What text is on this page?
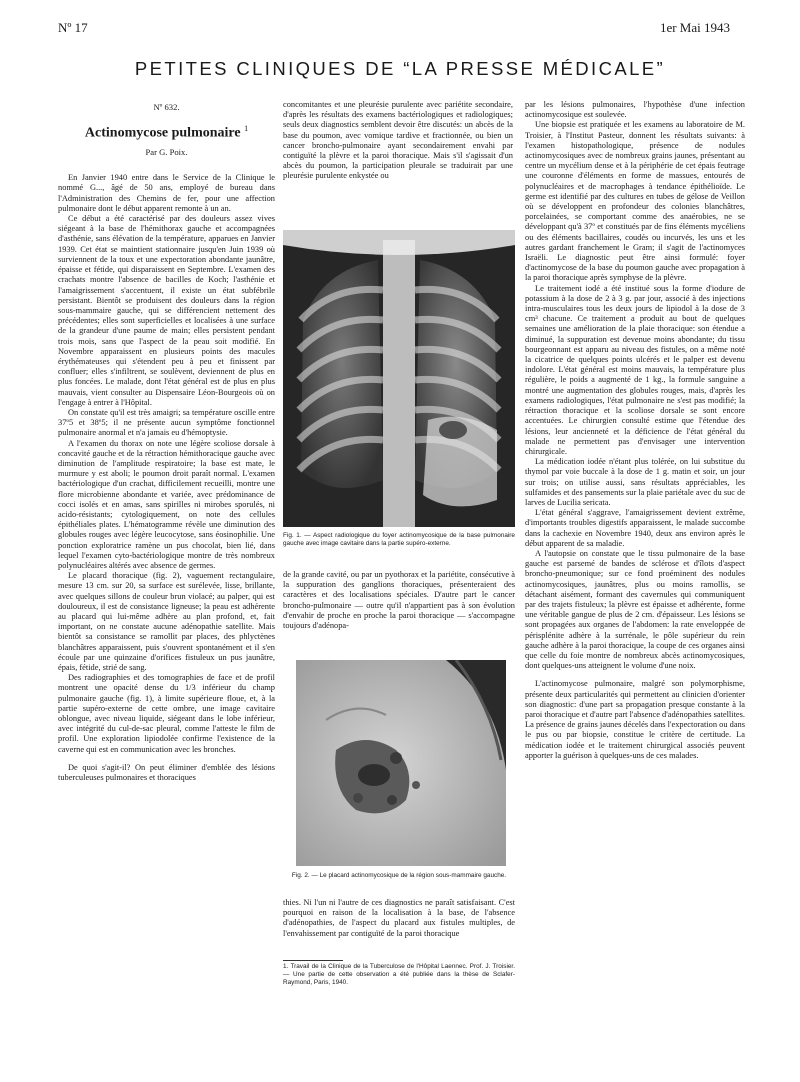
Nº 17	1er Mai 1943
PETITES CLINIQUES DE “LA PRESSE MÉDICALE”
Nº 632.
Actinomycose pulmonaire $^1$
Par G. Poix.

En Janvier 1940 entre dans le Service de la Clinique le nommé G..., âgé de 50 ans, employé de bureau dans l'Administration des Chemins de fer, pour une affection pulmonaire dont le début apparent remonte à un an.

Ce début a été caractérisé par des douleurs assez vives siégeant à la base de l'hémithorax gauche et accompagnées d'asthénie, sans élévation de la température, apparues en Janvier 1939. Cet état se maintient stationnaire jusqu'en Juin 1939 où surviennent de la toux et une expectoration abondante jaunâtre, épaisse et fétide, qui disparaissent en Septembre. L'examen des crachats montre l'absence de bacilles de Koch; l'asthénie et l'amaigrissement s'accentuent, il existe un état subfébrile persistant. Bientôt se produisent des douleurs dans la région sous-mammaire gauche, qui se différencient nettement des précédentes; elles sont superficielles et localisées à une surface de la grandeur d'une paume de main; elles persistent pendant trois mois, sans que l'aspect de la peau soit modifié. En Novembre apparaissent en plusieurs points des macules érythémateuses qui s'étendent peu à peu et finissent par confluer; elles s'infiltrent, se soulèvent, deviennent de plus en plus foncées. Le malade, dont l'état général est de plus en plus mauvais, vient consulter au Dispensaire Léon-Bourgeois où on l'engage à entrer à l'Hôpital.

On constate qu'il est très amaigri; sa température oscille entre 37º5 et 38º5; il ne présente aucun symptôme fonctionnel pulmonaire anormal et n'a jamais eu d'hémoptysie.

A l'examen du thorax on note une légère scoliose dorsale à concavité gauche et de la rétraction hémithoracique gauche avec diminution de l'amplitude respiratoire; la base est mate, le murmure y est aboli; le poumon droit paraît normal. L'examen bactériologique d'un crachat, difficilement recueilli, montre une flore microbienne abondante et variée, avec prédominance de cocci isolés et en amas, sans spirilles ni mirobes sporulés, ni acido-résistants; cytologiquement, on note des cellules épithéliales plates. L'hématogramme révèle une diminution des globules rouges avec légère leucocytose, sans éosinophilie. Une ponction exploratrice ramène un pus chocolat, bien lié, dans lequel l'examen cyto-bactériologique montre de très nombreux polynucléaires altérés avec absence de germes.

Le placard thoracique (fig. 2), vaguement rectangulaire, mesure 13 cm. sur 20, sa surface est surélevée, lisse, brillante, avec quelques sillons de couleur brun violacé; au palper, qui est douloureux, il est de consistance ligneuse; la peau est adhérente au placard qui lui-même adhère au plan profond, et, fait important, on ne constate aucune adénopathie satellite. Mais bientôt sa consistance se ramollit par places, des phlyctènes blanchâtres apparaissent, puis s'ouvrent spontanément et il s'en écoule par une quinzaine d'orifices fistuleux un pus jaunâtre, épais, fétide, strié de sang.

Des radiographies et des tomographies de face et de profil montrent une opacité dense du 1/3 inférieur du champ pulmonaire gauche (fig. 1), à limite supérieure floue, et, à la partie supéro-externe de cette ombre, une image cavitaire oblongue, avec niveau liquide, siégeant dans le lobe inférieur, avec intégrité du cul-de-sac pleural, comme l'atteste le film de profil. Une exploration lipiodolée confirme l'existence de la caverne qui est en communication avec les bronches.

De quoi s'agit-il? On peut éliminer d'emblée des lésions tuberculeuses pulmonaires et thoraciques

concomitantes et une pleurésie purulente avec pariétite secondaire, d'après les résultats des examens bactériologiques et radiologiques; seuls deux diagnostics semblent devoir être discutés: un abcès de la base du poumon, avec vomique tardive et fractionnée, ou bien un cancer broncho-pulmonaire ayant secondairement envahi par contiguïté la plèvre et la paroi thoracique. Mais s'il s'agissait d'un abcès du poumon, la participation pleurale se traduirait par une pleurésie purulente enkystée ou

Fig. 1. — Aspect radiologique du foyer actinomycosique de la base pulmonaire gauche avec image cavitaire dans la partie supéro-externe.

de la grande cavité, ou par un pyothorax et la pariétite, consécutive à la suppuration des ganglions thoraciques, présenteraient des caractères et des localisations spéciales. D'autre part le cancer broncho-pulmonaire — outre qu'il n'appartient pas à son évolution d'envahir de proche en proche la paroi thoracique — s'accompagne toujours d'adénopa-

Fig. 2. — Le placard actinomycosique de la région sous-mammaire gauche.

thies. Ni l'un ni l'autre de ces diagnostics ne paraît satisfaisant. C'est pourquoi en raison de la localisation à la base, de l'absence d'adénopathies, de l'aspect du placard aux fistules multiples, de l'envahissement par contiguïté de la paroi thoracique

1. Travail de la Clinique de la Tuberculose de l'Hôpital Laennec. Prof. J. Troisier. — Une partie de cette observation a été publiée dans la thèse de Sclafer-Raymond, Paris, 1940.

par les lésions pulmonaires, l'hypothèse d'une infection actinomycosique est soulevée.

Une biopsie est pratiquée et les examens au laboratoire de M. Troisier, à l'Institut Pasteur, donnent les résultats suivants: à l'examen histopathologique, présence de nodules actinomycosiques avec de nombreux grains jaunes, présentant au centre un mycélium dense et à la périphérie de cet épais feutrage une couronne d'éléments en forme de massues, entourés de polynucléaires et de macrophages à tendance épithélioïde. Le germe est identifié par des cultures en tubes de gélose de Veillon où se développent en profondeur des colonies blanchâtres, porcelainées, se comportant comme des anaérobies, ne se développant qu'à 37º et constitués par de fins éléments mycéliens ou des éléments bacillaires, coudés ou incurvés, les uns et les autres gardant franchement le Gram; il s'agit de l'actinomyces Israëli. Le diagnostic peut être ainsi formulé: foyer d'actinomycose de la base du poumon gauche avec propagation à la paroi thoracique après symphyse de la plèvre.

Le traitement iodé a été institué sous la forme d'iodure de potassium à la dose de 2 à 3 g. par jour, associé à des injections intra-musculaires tous les deux jours de lipiodol à la dose de 3 cm³ chacune. Ce traitement a produit au bout de quelques semaines une amélioration de la plaie thoracique: son étendue a diminué, la suppuration est devenue moins abondante; du tissu bourgeonnant est apparu au niveau des fistules, on a même noté la cicatrice de quelques points ulcérés et le palper est devenu indolore. L'état général est moins mauvais, la température plus régulière, le poids a augmenté de 1 kg., la formule sanguine a montré une augmentation des globules rouges, mais, d'après les examens radiologiques, l'état pulmonaire ne s'est pas modifié; la rétraction thoracique et la scoliose dorsale se sont encore accentuées. Le chirurgien consulté estime que l'étendue des lésions, leur ancienneté et la déficience de l'état général du malade ne permettent pas d'envisager une intervention chirurgicale.

La médication iodée n'étant plus tolérée, on lui substitue du thymol par voie buccale à la dose de 1 g. matin et soir, un jour sur trois; on utilise aussi, sans résultats appréciables, les sulfamides et des pansements sur la plaie pariétale avec du suc de larves de Lucilia sericata.

L'état général s'aggrave, l'amaigrissement devient extrême, d'importants troubles digestifs apparaissent, le malade succombe dans la cachexie en Novembre 1940, deux ans environ après le début apparent de sa maladie.

A l'autopsie on constate que le tissu pulmonaire de la base gauche est parsemé de bandes de sclérose et d'îlots d'aspect broncho-pneumonique; sur ce fond proéminent des nodules actinomycosiques, jaunâtres, plus ou moins ramollis, se détachant aisément, formant des cavernules qui communiquent par des trajets fistuleux; la plèvre est épaisse et adhérente, forme une véritable gangue de plus de 2 cm. d'épaisseur. Les lésions se sont propagées aux organes de l'abdomen: la rate enveloppée de périsplénite adhère à la surrénale, le pôle supérieur du rein gauche adhère à la paroi thoracique, la coupe de ces organes ainsi que celle du foie montre de nombreux abcès actinomycosiques, dont quelques-uns atteignent le volume d'une noix.

L'actinomycose pulmonaire, malgré son polymorphisme, présente deux particularités qui permettent au clinicien d'orienter son diagnostic: d'une part sa propagation presque constante à la paroi thoracique et d'autre part l'absence d'adénopathies satellites. La présence de grains jaunes décelés dans l'expectoration ou dans le pus ou par biopsie, constitue le critère de certitude. La médication iodée et le traitement chirurgical associés peuvent apporter la guérison à quelques-uns de ces malades.
